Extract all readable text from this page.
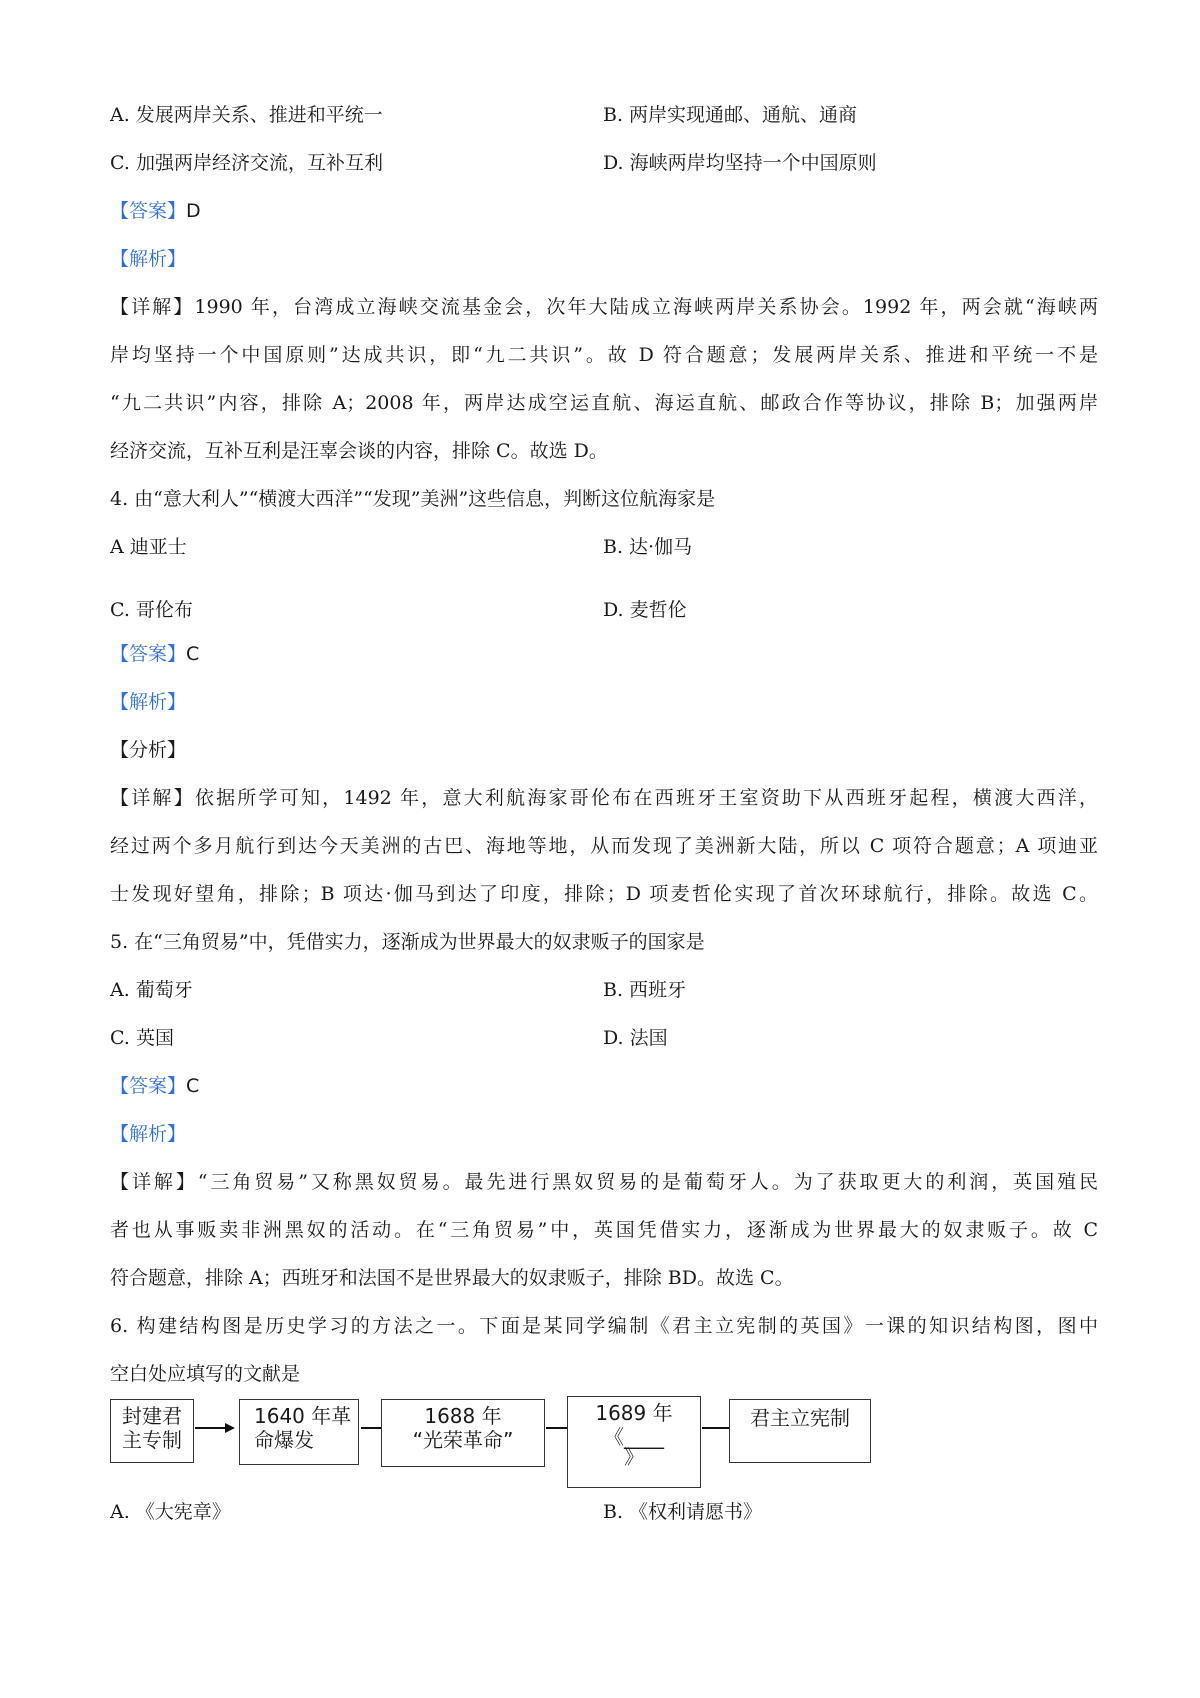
A. 发展两岸关系、推进和平统一	B. 两岸实现通邮、通航、通商
C. 加强两岸经济交流，互补互利	D. 海峡两岸均坚持一个中国原则
【答案】D
【解析】
【详解】1990 年，台湾成立海峡交流基金会，次年大陆成立海峡两岸关系协会。1992 年，两会就“海峡两
岸均坚持一个中国原则”达成共识，即“九二共识”。故 D 符合题意；发展两岸关系、推进和平统一不是
“九二共识”内容，排除 A；2008 年，两岸达成空运直航、海运直航、邮政合作等协议，排除 B；加强两岸
经济交流，互补互利是汪辜会谈的内容，排除 C。故选 D。
4. 由“意大利人”“横渡大西洋”“发现”美洲”这些信息，判断这位航海家是
A 迪亚士	B. 达·伽马
C. 哥伦布	D. 麦哲伦
【答案】C
【解析】
【分析】
【详解】依据所学可知，1492 年，意大利航海家哥伦布在西班牙王室资助下从西班牙起程，横渡大西洋，
经过两个多月航行到达今天美洲的古巴、海地等地，从而发现了美洲新大陆，所以 C 项符合题意；A 项迪亚
士发现好望角，排除；B 项达·伽马到达了印度，排除；D 项麦哲伦实现了首次环球航行，排除。故选 C。
5. 在“三角贸易”中，凭借实力，逐渐成为世界最大的奴隶贩子的国家是
A. 葡萄牙	B. 西班牙
C. 英国	D. 法国
【答案】C
【解析】
【详解】“三角贸易”又称黑奴贸易。最先进行黑奴贸易的是葡萄牙人。为了获取更大的利润，英国殖民
者也从事贩卖非洲黑奴的活动。在“三角贸易”中，英国凭借实力，逐渐成为世界最大的奴隶贩子。故 C
符合题意，排除 A；西班牙和法国不是世界最大的奴隶贩子，排除 BD。故选 C。
6. 构建结构图是历史学习的方法之一。下面是某同学编制《君主立宪制的英国》一课的知识结构图，图中
空白处应填写的文献是
封建君
主专制
1640 年革
命爆发
1688 年
“光荣革命”
1689 年
《____
》
君主立宪制
A. 《大宪章》	B. 《权利请愿书》
